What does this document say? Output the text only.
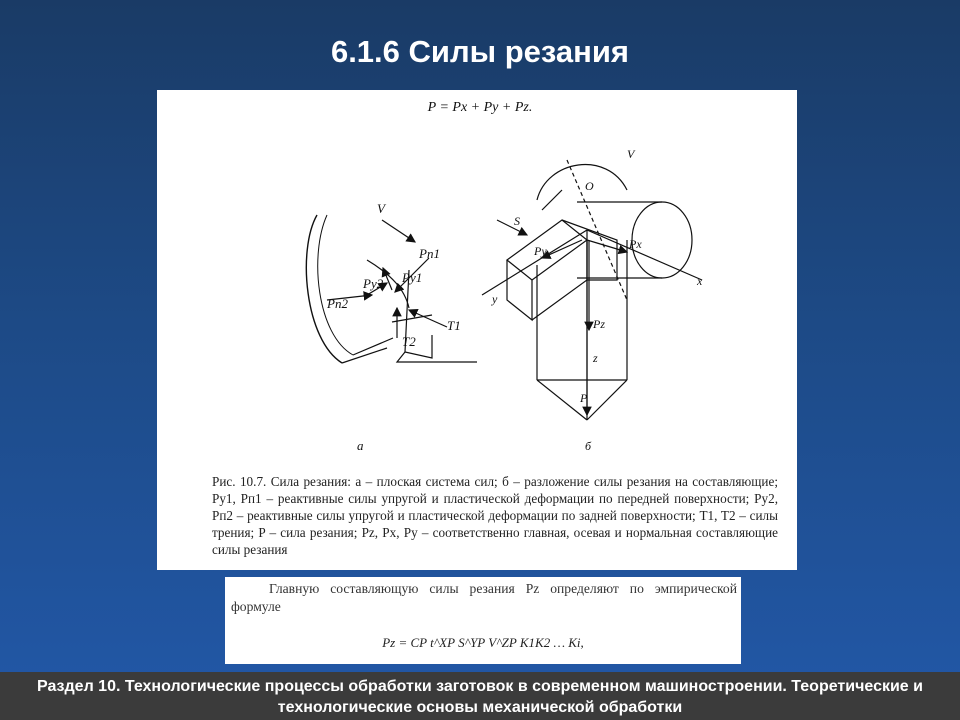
6.1.6 Силы резания
P = Px + Py + Pz.
V
Pп1
Py1
Py2
Pп2
T1
T2
а
V
O
S
Py	Px
Pz
x
y
z
P
б
Рис. 10.7. Сила резания: а – плоская система сил; б – разложение силы резания на составляющие; Py1, Pп1 – реактивные силы упругой и пластической деформации по передней поверхности; Py2, Pп2 – реактивные силы упругой и пластической деформации по задней поверхности; T1, T2 – силы трения; P – сила резания; Pz, Px, Py – соответственно главная, осевая и нормальная составляющие силы резания
Главную составляющую силы резания Pz определяют по эмпирической формуле
Pz = CP t^XP S^YP V^ZP K1K2 … Ki,
Раздел 10. Технологические процессы обработки заготовок в современном машиностроении. Теоретические и технологические основы механической обработки
